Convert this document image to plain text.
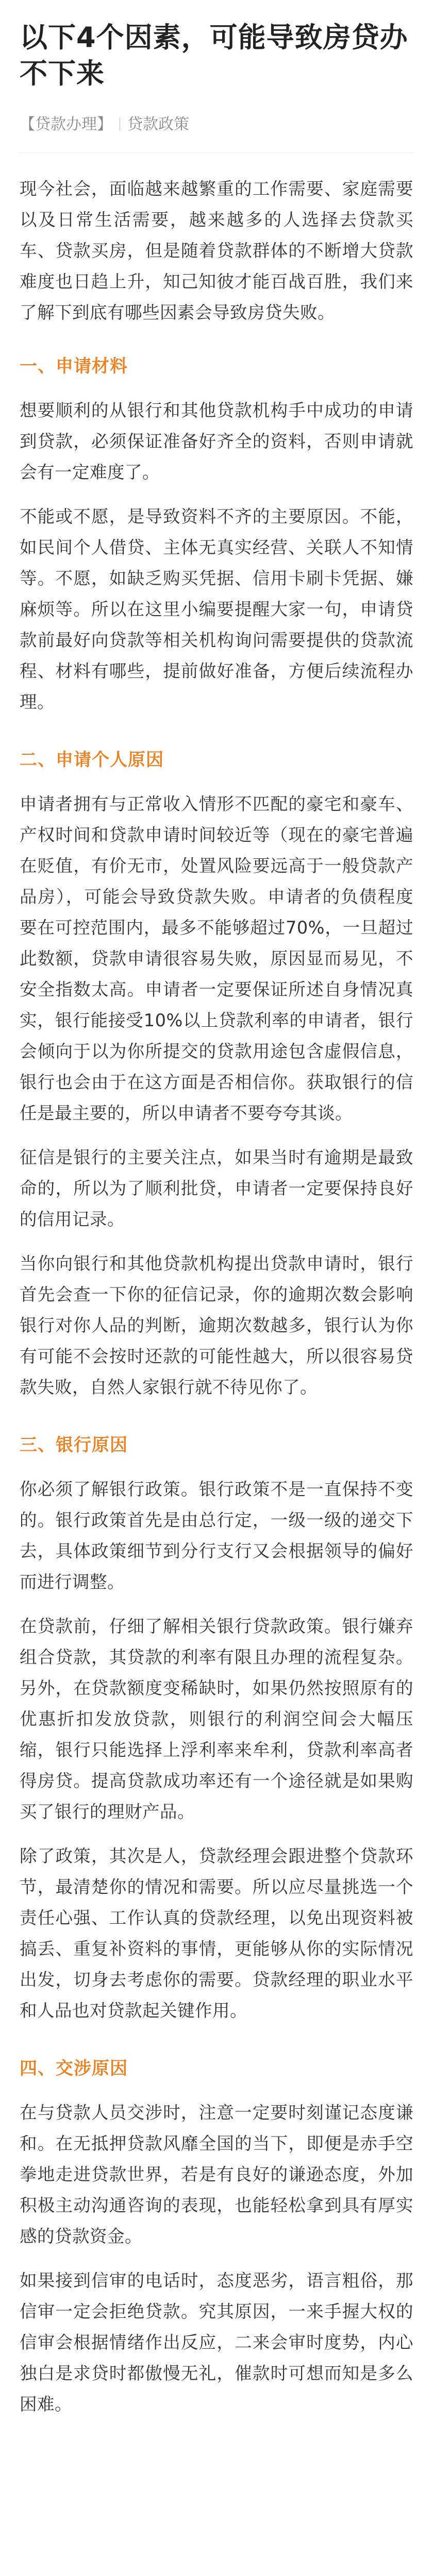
以下4个因素，可能导致房贷办不下来
【贷款办理】 贷款政策

现今社会，面临越来越繁重的工作需要、家庭需要以及日常生活需要，越来越多的人选择去贷款买车、贷款买房，但是随着贷款群体的不断增大贷款难度也日趋上升，知己知彼才能百战百胜，我们来了解下到底有哪些因素会导致房贷失败。

一、申请材料

想要顺利的从银行和其他贷款机构手中成功的申请到贷款，必须保证准备好齐全的资料，否则申请就会有一定难度了。

不能或不愿，是导致资料不齐的主要原因。不能，如民间个人借贷、主体无真实经营、关联人不知情等。不愿，如缺乏购买凭据、信用卡刷卡凭据、嫌麻烦等。所以在这里小编要提醒大家一句，申请贷款前最好向贷款等相关机构询问需要提供的贷款流程、材料有哪些，提前做好准备，方便后续流程办理。

二、申请个人原因

申请者拥有与正常收入情形不匹配的豪宅和豪车、产权时间和贷款申请时间较近等（现在的豪宅普遍在贬值，有价无市，处置风险要远高于一般贷款产品房），可能会导致贷款失败。申请者的负债程度要在可控范围内，最多不能够超过70%，一旦超过此数额，贷款申请很容易失败，原因显而易见，不安全指数太高。申请者一定要保证所述自身情况真实，银行能接受10%以上贷款利率的申请者，银行会倾向于以为你所提交的贷款用途包含虚假信息，银行也会由于在这方面是否相信你。获取银行的信任是最主要的，所以申请者不要夸夸其谈。

征信是银行的主要关注点，如果当时有逾期是最致命的，所以为了顺利批贷，申请者一定要保持良好的信用记录。

当你向银行和其他贷款机构提出贷款申请时，银行首先会查一下你的征信记录，你的逾期次数会影响银行对你人品的判断，逾期次数越多，银行认为你有可能不会按时还款的可能性越大，所以很容易贷款失败，自然人家银行就不待见你了。

三、银行原因

你必须了解银行政策。银行政策不是一直保持不变的。银行政策首先是由总行定，一级一级的递交下去，具体政策细节到分行支行又会根据领导的偏好而进行调整。

在贷款前，仔细了解相关银行贷款政策。银行嫌弃组合贷款，其贷款的利率有限且办理的流程复杂。另外，在贷款额度变稀缺时，如果仍然按照原有的优惠折扣发放贷款，则银行的利润空间会大幅压缩，银行只能选择上浮利率来牟利，贷款利率高者得房贷。提高贷款成功率还有一个途径就是如果购买了银行的理财产品。

除了政策，其次是人，贷款经理会跟进整个贷款环节，最清楚你的情况和需要。所以应尽量挑选一个责任心强、工作认真的贷款经理，以免出现资料被搞丢、重复补资料的事情，更能够从你的实际情况出发，切身去考虑你的需要。贷款经理的职业水平和人品也对贷款起关键作用。

四、交涉原因

在与贷款人员交涉时，注意一定要时刻谨记态度谦和。在无抵押贷款风靡全国的当下，即便是赤手空拳地走进贷款世界，若是有良好的谦逊态度，外加积极主动沟通咨询的表现，也能轻松拿到具有厚实感的贷款资金。

如果接到信审的电话时，态度恶劣，语言粗俗，那信审一定会拒绝贷款。究其原因，一来手握大权的信审会根据情绪作出反应，二来会审时度势，内心独白是求贷时都傲慢无礼，催款时可想而知是多么困难。
